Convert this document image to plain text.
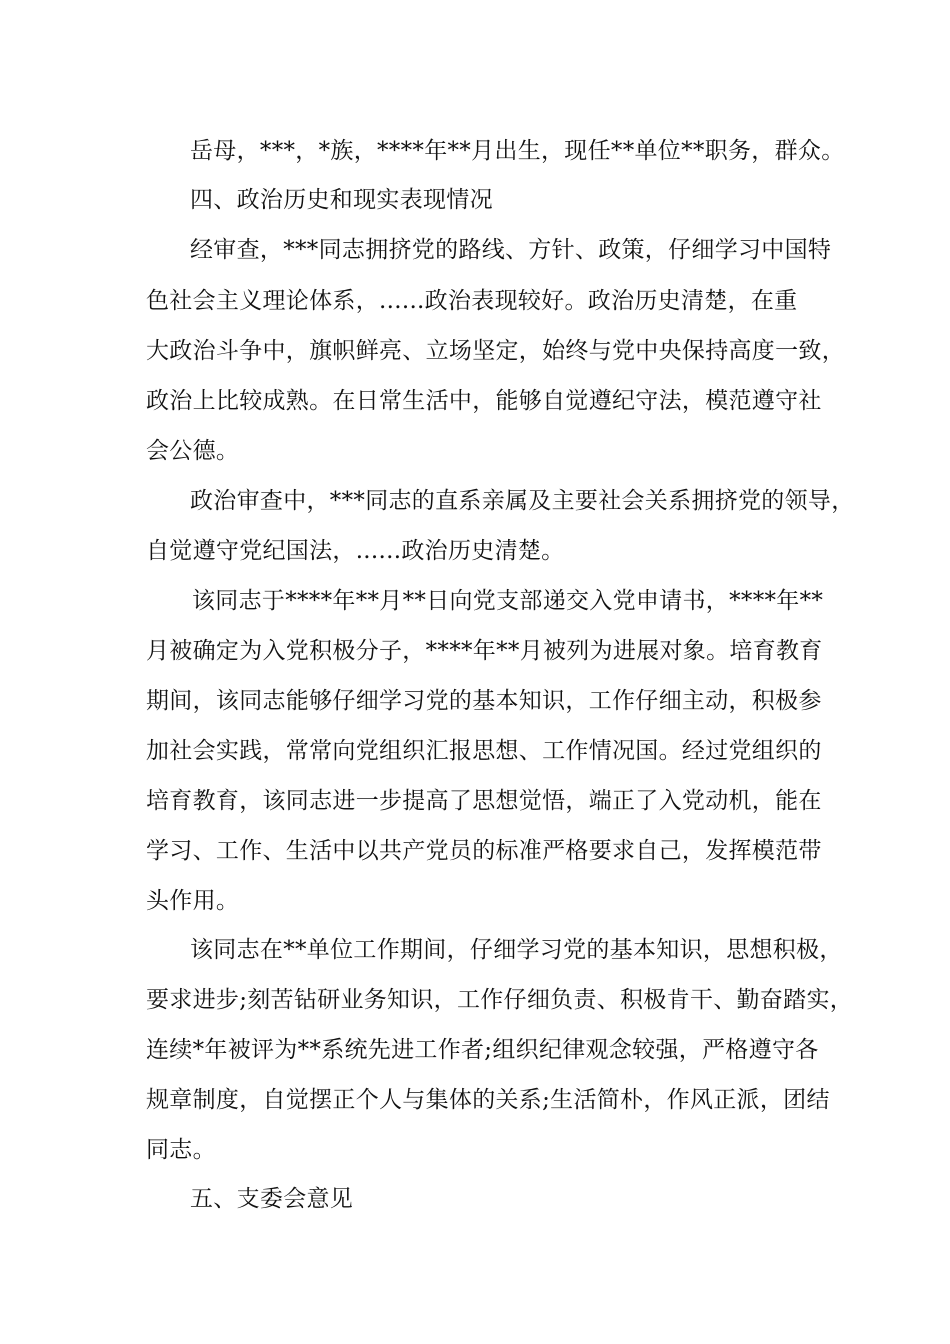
岳母，***，*族，****年**月出生，现任**单位**职务，群众。
四、政治历史和现实表现情况
经审查，***同志拥挤党的路线、方针、政策，仔细学习中国特
色社会主义理论体系，......政治表现较好。政治历史清楚，在重
大政治斗争中，旗帜鲜亮、立场坚定，始终与党中央保持高度一致，
政治上比较成熟。在日常生活中，能够自觉遵纪守法，模范遵守社
会公德。
政治审查中，***同志的直系亲属及主要社会关系拥挤党的领导，
自觉遵守党纪国法，......政治历史清楚。
该同志于****年**月**日向党支部递交入党申请书，****年**
月被确定为入党积极分子，****年**月被列为进展对象。培育教育
期间，该同志能够仔细学习党的基本知识，工作仔细主动，积极参
加社会实践，常常向党组织汇报思想、工作情况国。经过党组织的
培育教育，该同志进一步提高了思想觉悟，端正了入党动机，能在
学习、工作、生活中以共产党员的标准严格要求自己，发挥模范带
头作用。
该同志在**单位工作期间，仔细学习党的基本知识，思想积极，
要求进步;刻苦钻研业务知识，工作仔细负责、积极肯干、勤奋踏实，
连续*年被评为**系统先进工作者;组织纪律观念较强，严格遵守各
规章制度，自觉摆正个人与集体的关系;生活简朴，作风正派，团结
同志。
五、支委会意见
